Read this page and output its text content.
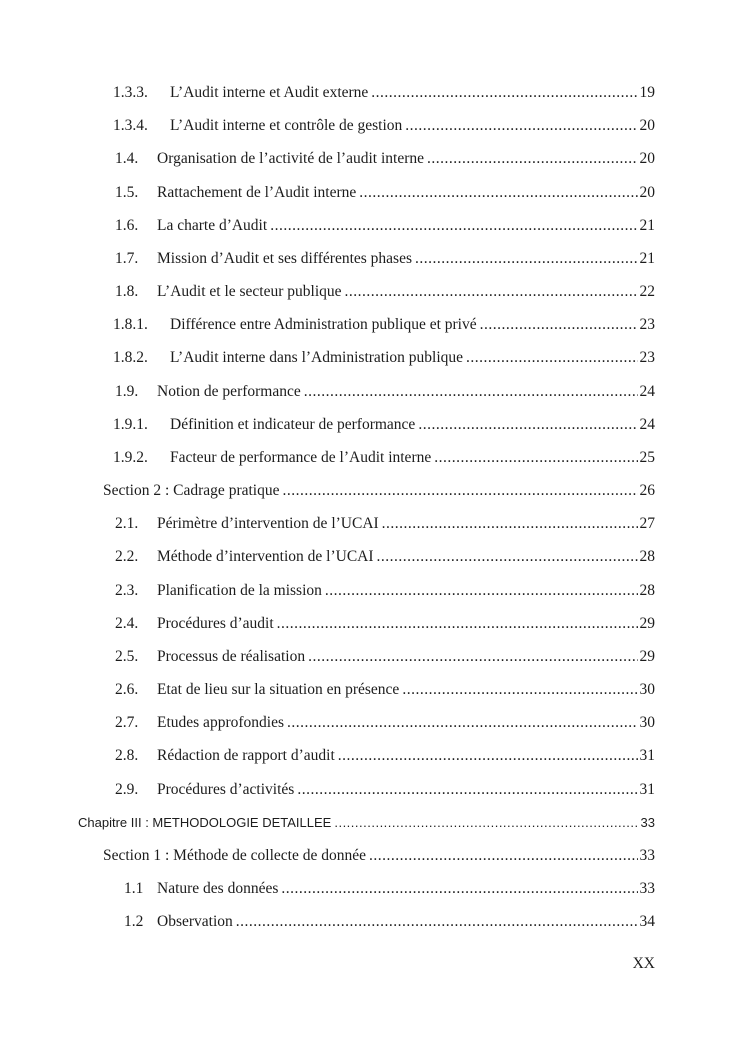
1.3.3.	L’Audit interne et Audit externe .....	19
1.3.4.	L’Audit interne et contrôle de gestion .....	20
1.4.	Organisation de l’activité de l’audit interne .....	20
1.5.	Rattachement de l’Audit interne .....	20
1.6.	La charte d’Audit .....	21
1.7.	Mission d’Audit et ses différentes phases .....	21
1.8.	L’Audit et le secteur publique .....	22
1.8.1.	Différence entre Administration publique et privé .....	23
1.8.2.	L’Audit interne dans l’Administration publique .....	23
1.9.	Notion de performance .....	24
1.9.1.	Définition et indicateur de performance .....	24
1.9.2.	Facteur de performance de l’Audit interne .....	25
Section 2 : Cadrage pratique .....	26
2.1.	Périmètre d’intervention de l’UCAI .....	27
2.2.	Méthode d’intervention de l’UCAI .....	28
2.3.	Planification de la mission .....	28
2.4.	Procédures d’audit .....	29
2.5.	Processus de réalisation .....	29
2.6.	Etat de lieu sur la situation en présence .....	30
2.7.	Etudes approfondies .....	30
2.8.	Rédaction de rapport d’audit .....	31
2.9.	Procédures d’activités .....	31
Chapitre III : METHODOLOGIE DETAILLEE .....	33
Section 1 : Méthode de collecte de donnée .....	33
1.1 Nature des données .....	33
1.2 Observation .....	34
XX
